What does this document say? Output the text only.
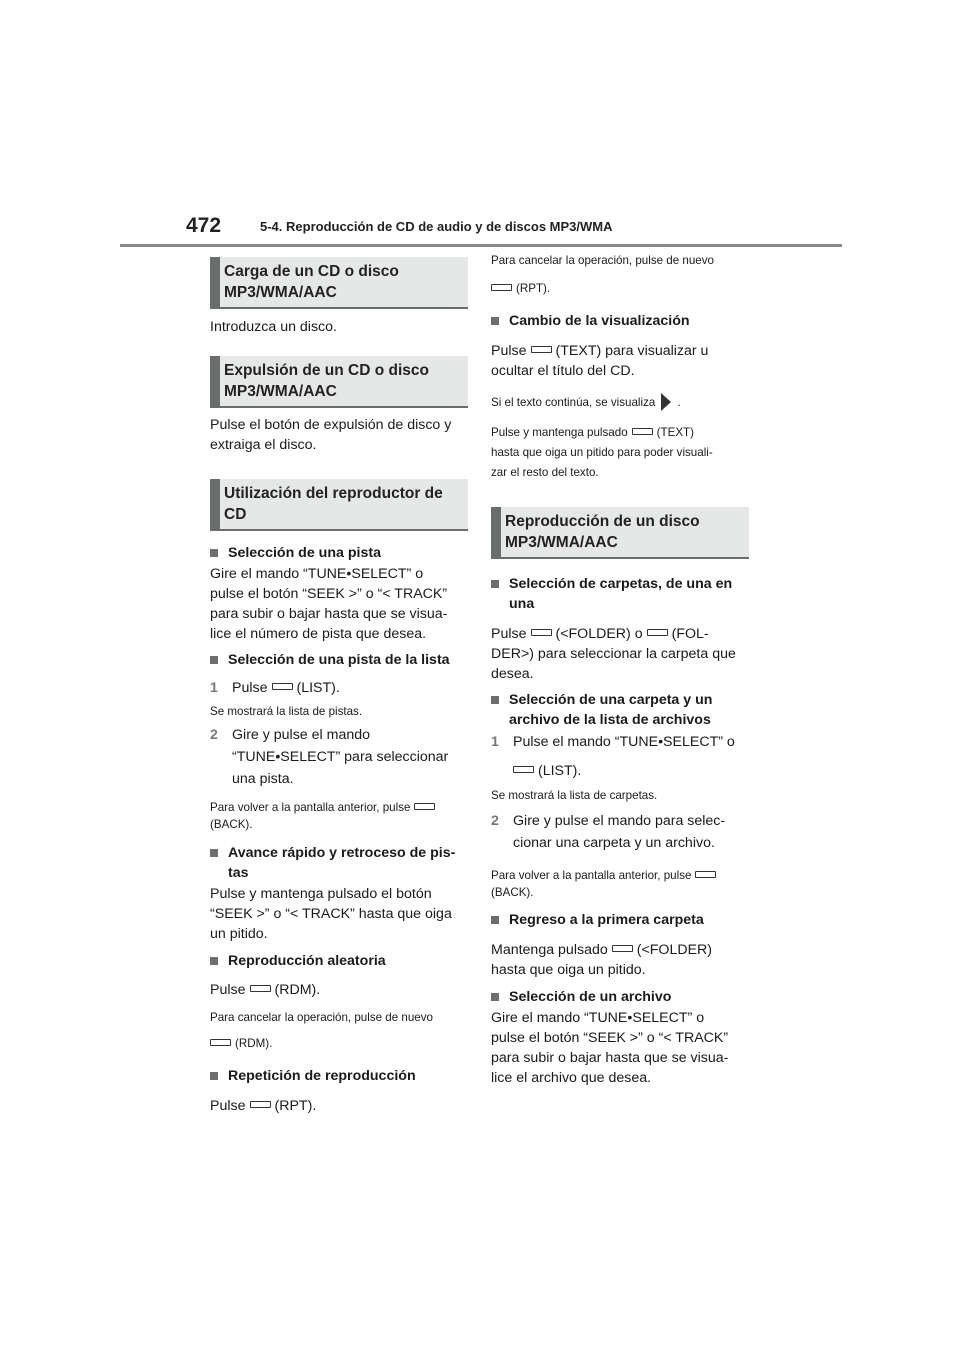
472	5-4. Reproducción de CD de audio y de discos MP3/WMA
Carga de un CD o disco
MP3/WMA/AAC

Introduzca un disco.

Expulsión de un CD o disco
MP3/WMA/AAC

Pulse el botón de expulsión de disco y
extraiga el disco.

Utilización del reproductor de
CD

Selección de una pista

Gire el mando “TUNE•SELECT” o
pulse el botón “SEEK >” o “< TRACK”
para subir o bajar hasta que se visua-
lice el número de pista que desea.

Selección de una pista de la lista

1 Pulse (LIST).

Se mostrará la lista de pistas.

2 Gire y pulse el mando
“TUNE•SELECT” para seleccionar
una pista.

Para volver a la pantalla anterior, pulse
(BACK).

Avance rápido y retroceso de pis-
tas

Pulse y mantenga pulsado el botón
“SEEK >” o “< TRACK” hasta que oiga
un pitido.

Reproducción aleatoria

Pulse (RDM).

Para cancelar la operación, pulse de nuevo

(RDM).

Repetición de reproducción

Pulse (RPT).

Para cancelar la operación, pulse de nuevo

(RPT).

Cambio de la visualización

Pulse (TEXT) para visualizar u
ocultar el título del CD.

Si el texto continúa, se visualiza .

Pulse y mantenga pulsado	(TEXT)
hasta que oiga un pitido para poder visuali-
zar el resto del texto.

Reproducción de un disco
MP3/WMA/AAC

Selección de carpetas, de una en
una

Pulse (<FOLDER) o (FOL-
DER>) para seleccionar la carpeta que
desea.

Selección de una carpeta y un
archivo de la lista de archivos

1 Pulse el mando “TUNE•SELECT” o

(LIST).

Se mostrará la lista de carpetas.

2 Gire y pulse el mando para selec-
cionar una carpeta y un archivo.

Para volver a la pantalla anterior, pulse
(BACK).

Regreso a la primera carpeta

Mantenga pulsado (<FOLDER)
hasta que oiga un pitido.

Selección de un archivo

Gire el mando “TUNE•SELECT” o
pulse el botón “SEEK >” o “< TRACK”
para subir o bajar hasta que se visua-
lice el archivo que desea.
